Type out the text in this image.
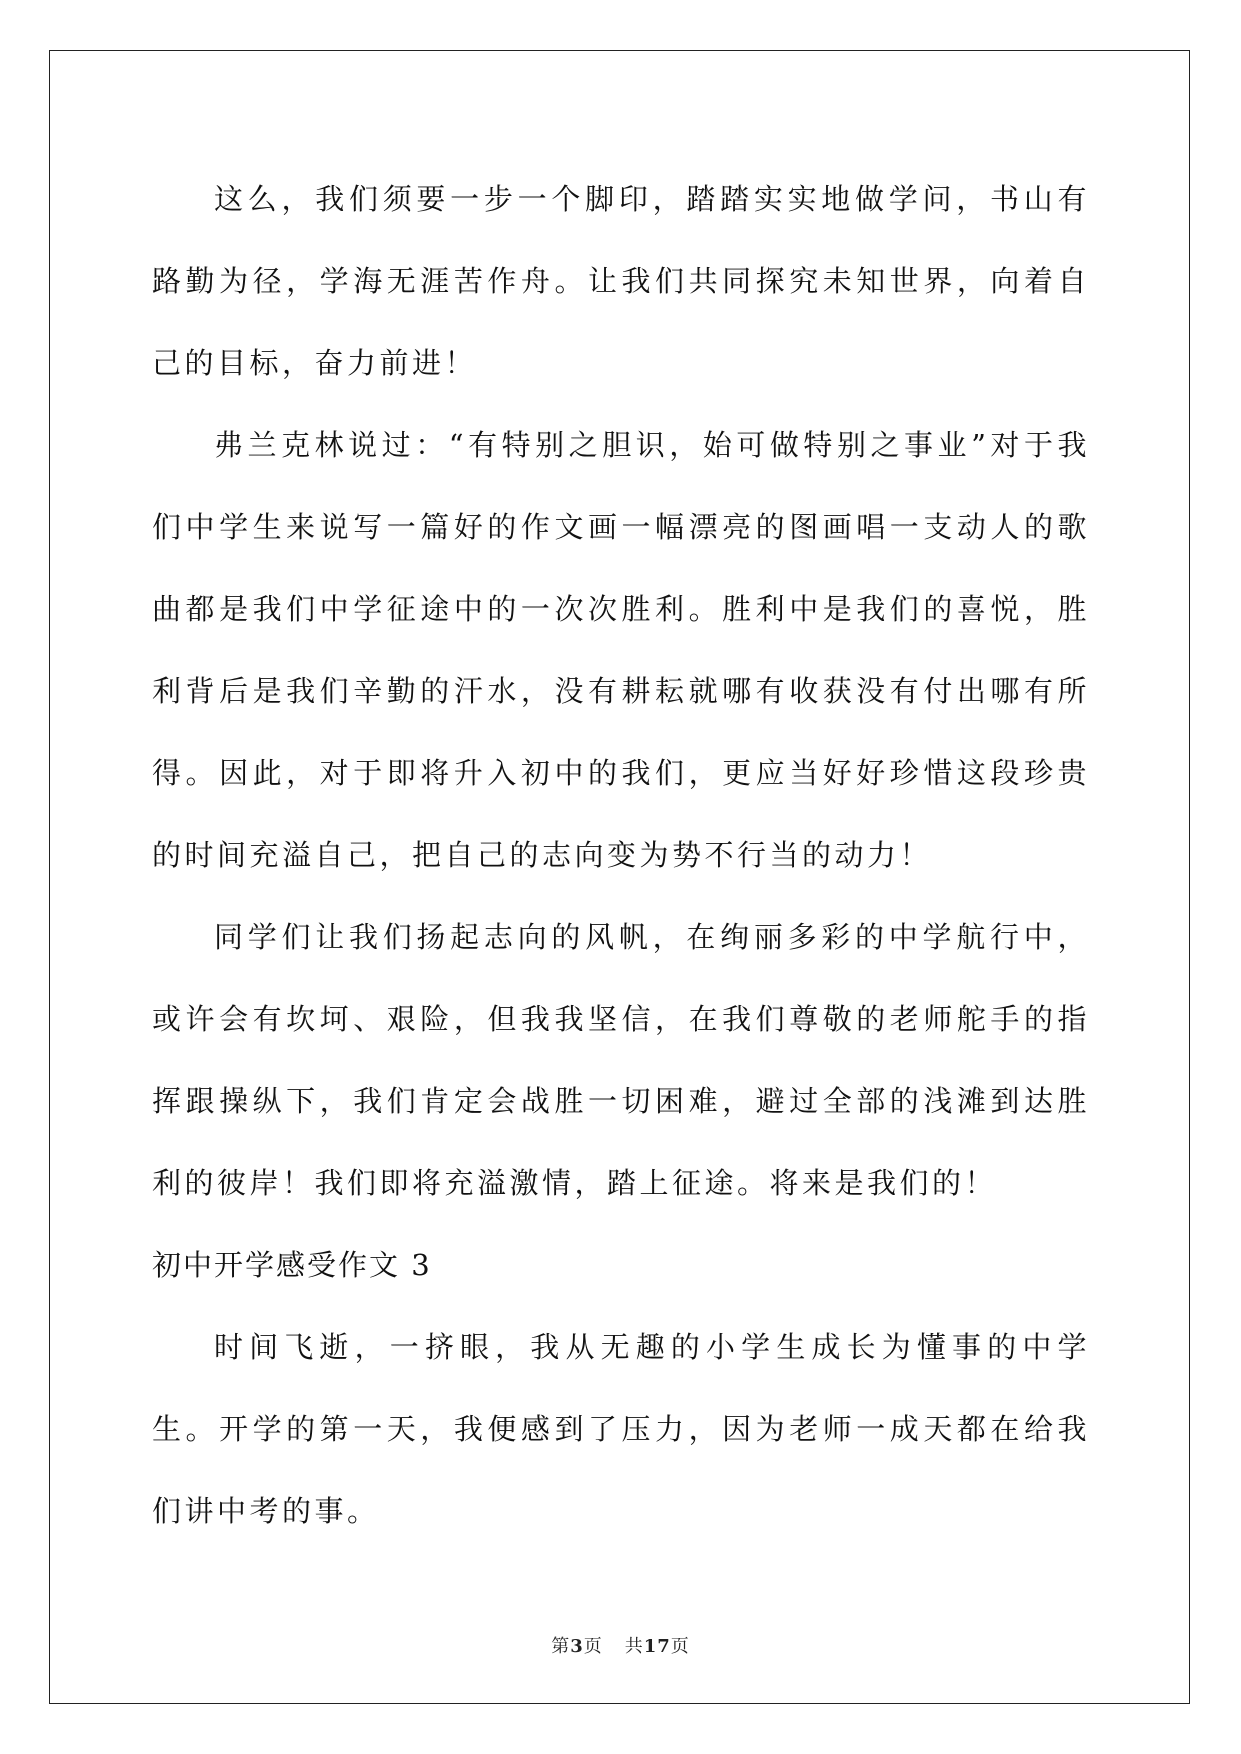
这么，我们须要一步一个脚印，踏踏实实地做学问，书山有路勤为径，学海无涯苦作舟。让我们共同探究未知世界，向着自己的目标，奋力前进！

弗兰克林说过：“有特别之胆识，始可做特别之事业”对于我们中学生来说写一篇好的作文画一幅漂亮的图画唱一支动人的歌曲都是我们中学征途中的一次次胜利。胜利中是我们的喜悦，胜利背后是我们辛勤的汗水，没有耕耘就哪有收获没有付出哪有所得。因此，对于即将升入初中的我们，更应当好好珍惜这段珍贵的时间充溢自己，把自己的志向变为势不行当的动力！

同学们让我们扬起志向的风帆，在绚丽多彩的中学航行中，或许会有坎坷、艰险，但我我坚信，在我们尊敬的老师舵手的指挥跟操纵下，我们肯定会战胜一切困难，避过全部的浅滩到达胜利的彼岸！我们即将充溢激情，踏上征途。将来是我们的！

初中开学感受作文 3

时间飞逝，一挤眼，我从无趣的小学生成长为懂事的中学生。开学的第一天，我便感到了压力，因为老师一成天都在给我们讲中考的事。

第3页 共17页
